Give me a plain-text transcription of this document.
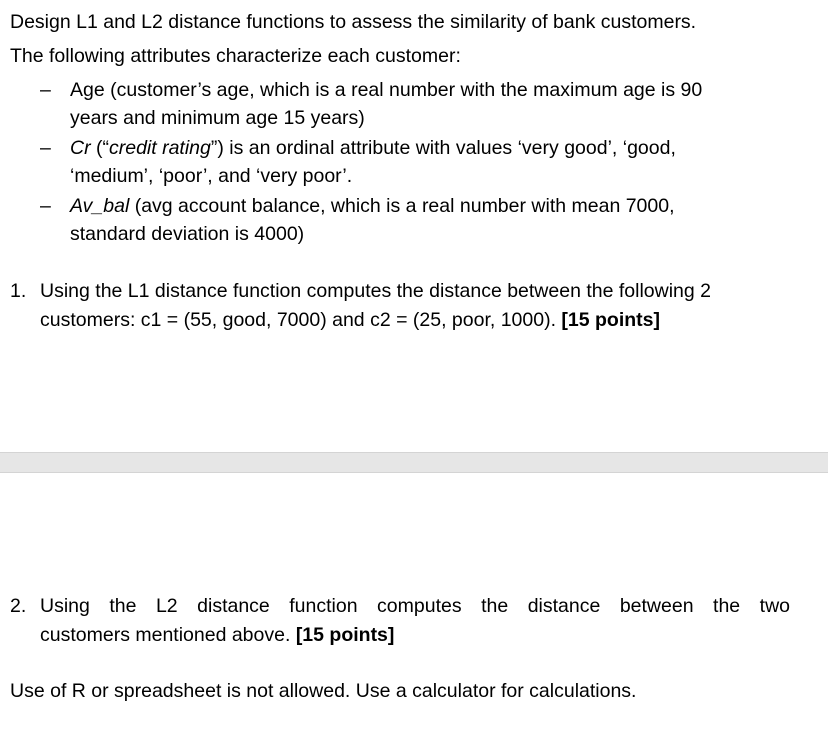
Design L1 and L2 distance functions to assess the similarity of bank customers.
The following attributes characterize each customer:
– Age (customer’s age, which is a real number with the maximum age is 90
years and minimum age 15 years)
– Cr (“credit rating”) is an ordinal attribute with values ‘very good’, ‘good,
‘medium’, ‘poor’, and ‘very poor’.
– Av_bal (avg account balance, which is a real number with mean 7000,
standard deviation is 4000)
1. Using the L1 distance function computes the distance between the following 2
customers: c1 = (55, good, 7000) and c2 = (25, poor, 1000). [15 points]
2. Using the L2 distance function computes the distance between the two
customers mentioned above. [15 points]
Use of R or spreadsheet is not allowed. Use a calculator for calculations.
